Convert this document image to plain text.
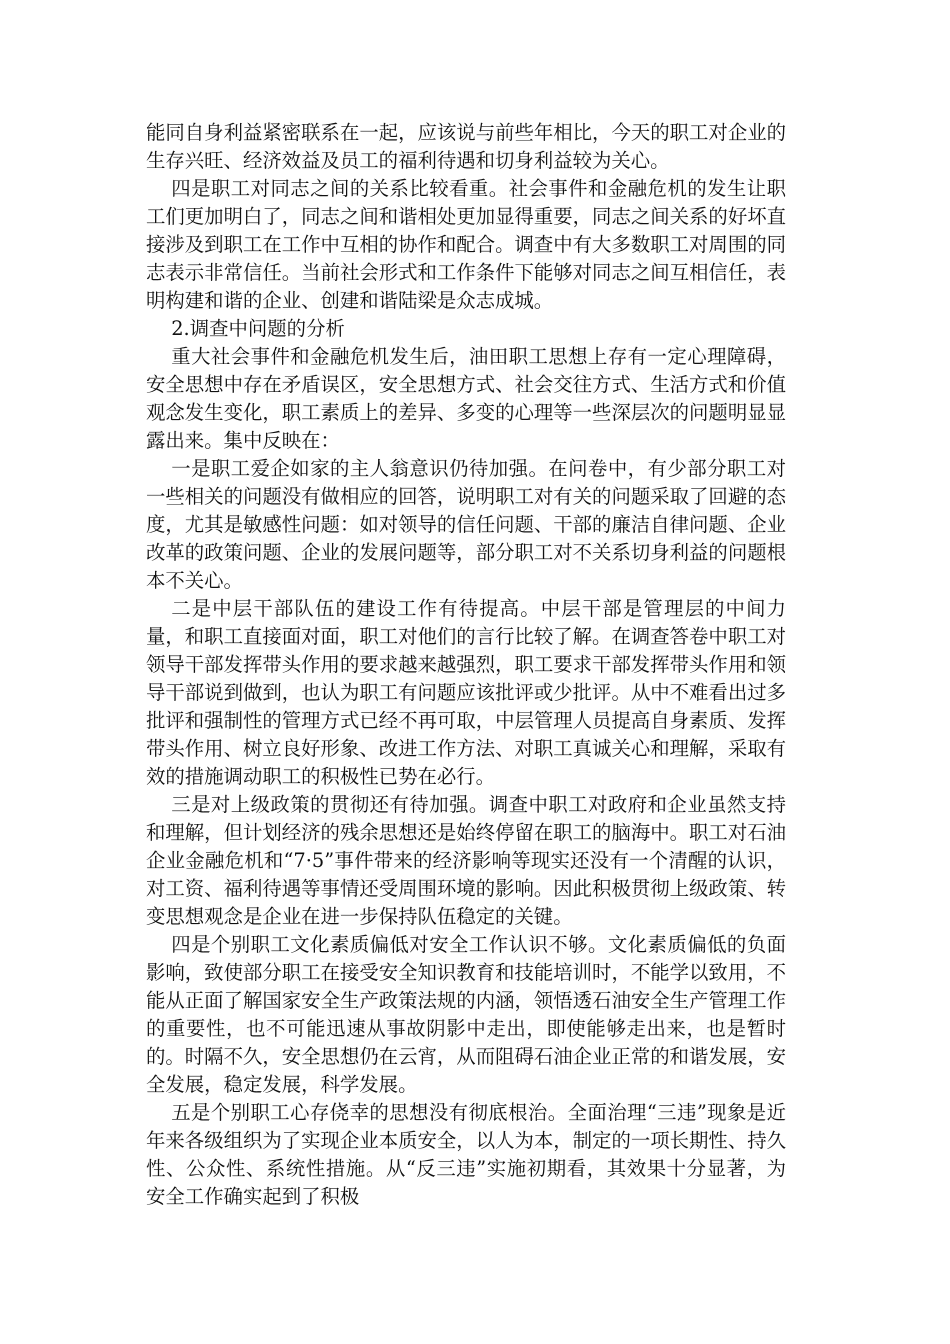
能同自身利益紧密联系在一起，应该说与前些年相比，今天的职工对企业的生存兴旺、经济效益及员工的福利待遇和切身利益较为关心。

四是职工对同志之间的关系比较看重。社会事件和金融危机的发生让职工们更加明白了，同志之间和谐相处更加显得重要，同志之间关系的好坏直接涉及到职工在工作中互相的协作和配合。调查中有大多数职工对周围的同志表示非常信任。当前社会形式和工作条件下能够对同志之间互相信任，表明构建和谐的企业、创建和谐陆梁是众志成城。

2.调查中问题的分析

重大社会事件和金融危机发生后，油田职工思想上存有一定心理障碍，安全思想中存在矛盾误区，安全思想方式、社会交往方式、生活方式和价值观念发生变化，职工素质上的差异、多变的心理等一些深层次的问题明显显露出来。集中反映在：

一是职工爱企如家的主人翁意识仍待加强。在问卷中，有少部分职工对一些相关的问题没有做相应的回答，说明职工对有关的问题采取了回避的态度，尤其是敏感性问题：如对领导的信任问题、干部的廉洁自律问题、企业改革的政策问题、企业的发展问题等，部分职工对不关系切身利益的问题根本不关心。

二是中层干部队伍的建设工作有待提高。中层干部是管理层的中间力量，和职工直接面对面，职工对他们的言行比较了解。在调查答卷中职工对领导干部发挥带头作用的要求越来越强烈，职工要求干部发挥带头作用和领导干部说到做到，也认为职工有问题应该批评或少批评。从中不难看出过多批评和强制性的管理方式已经不再可取，中层管理人员提高自身素质、发挥带头作用、树立良好形象、改进工作方法、对职工真诚关心和理解，采取有效的措施调动职工的积极性已势在必行。

三是对上级政策的贯彻还有待加强。调查中职工对政府和企业虽然支持和理解，但计划经济的残余思想还是始终停留在职工的脑海中。职工对石油企业金融危机和“7·5”事件带来的经济影响等现实还没有一个清醒的认识，对工资、福利待遇等事情还受周围环境的影响。因此积极贯彻上级政策、转变思想观念是企业在进一步保持队伍稳定的关键。

四是个别职工文化素质偏低对安全工作认识不够。文化素质偏低的负面影响，致使部分职工在接受安全知识教育和技能培训时，不能学以致用，不能从正面了解国家安全生产政策法规的内涵，领悟透石油安全生产管理工作的重要性，也不可能迅速从事故阴影中走出，即使能够走出来，也是暂时的。时隔不久，安全思想仍在云宵，从而阻碍石油企业正常的和谐发展，安全发展，稳定发展，科学发展。

五是个别职工心存侥幸的思想没有彻底根治。全面治理“三违”现象是近年来各级组织为了实现企业本质安全，以人为本，制定的一项长期性、持久性、公众性、系统性措施。从“反三违”实施初期看，其效果十分显著，为安全工作确实起到了积极
